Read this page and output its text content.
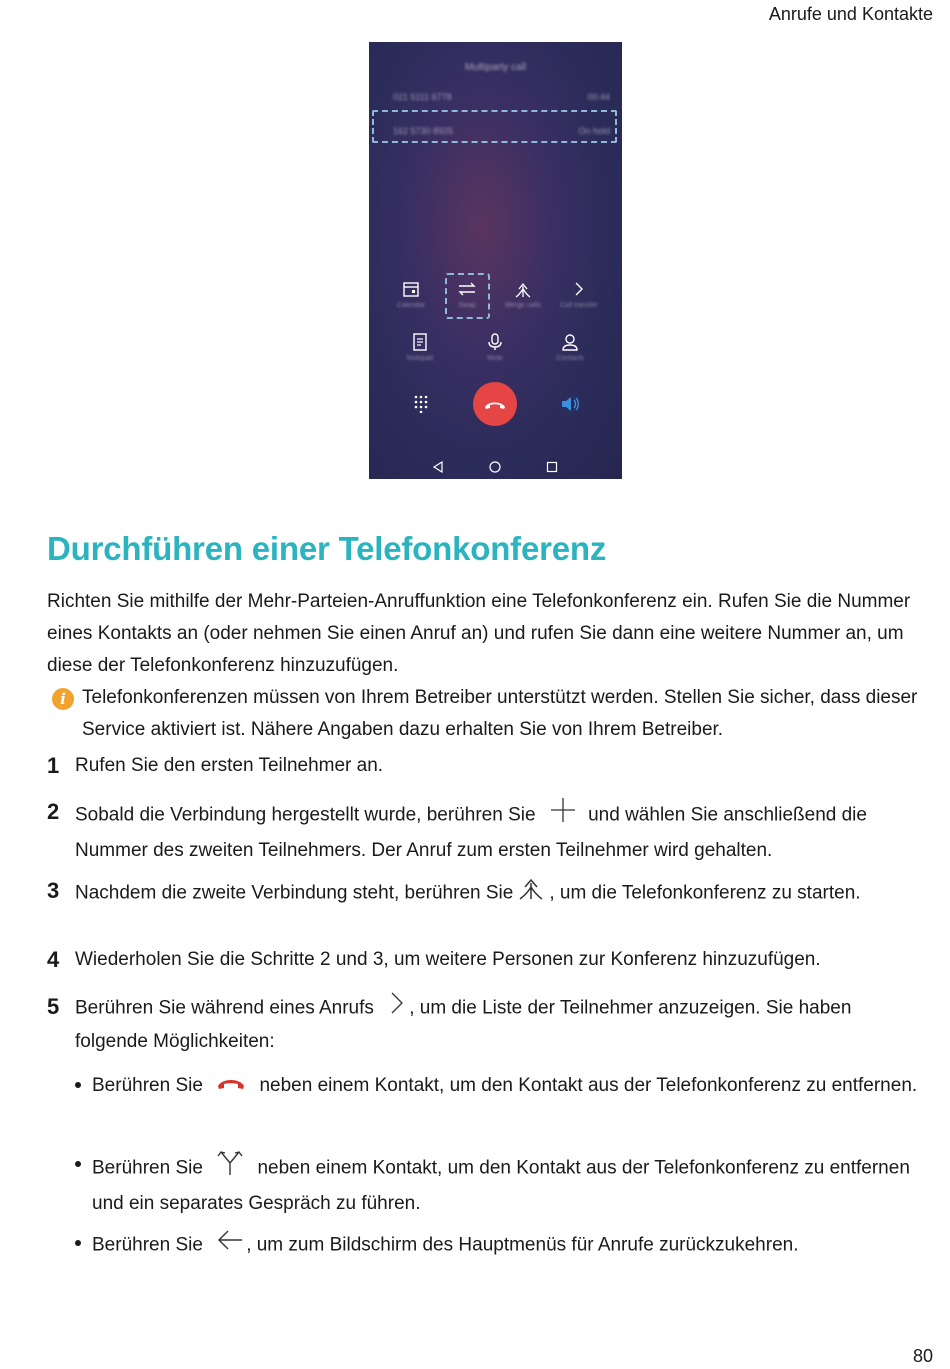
Anrufe und Kontakte
Multiparty call
021 5111 6778	00:44
162 5730 8925	On hold
Calendar	Swap	Merge calls	Call transfer
Notepad	Mute	Contacts
Durchführen einer Telefonkonferenz

Richten Sie mithilfe der Mehr-Parteien-Anruffunktion eine Telefonkonferenz ein. Rufen Sie die Nummer eines Kontakts an (oder nehmen Sie einen Anruf an) und rufen Sie dann eine weitere Nummer an, um diese der Telefonkonferenz hinzuzufügen.

i Telefonkonferenzen müssen von Ihrem Betreiber unterstützt werden. Stellen Sie sicher, dass dieser Service aktiviert ist. Nähere Angaben dazu erhalten Sie von Ihrem Betreiber.
1 Rufen Sie den ersten Teilnehmer an.
2 Sobald die Verbindung hergestellt wurde, berühren Sie  und wählen Sie anschließend die Nummer des zweiten Teilnehmers. Der Anruf zum ersten Teilnehmer wird gehalten.
3 Nachdem die zweite Verbindung steht, berühren Sie , um die Telefonkonferenz zu starten.
4 Wiederholen Sie die Schritte 2 und 3, um weitere Personen zur Konferenz hinzuzufügen.
5 Berühren Sie während eines Anrufs , um die Liste der Teilnehmer anzuzeigen. Sie haben folgende Möglichkeiten:
Berühren Sie	neben einem Kontakt, um den Kontakt aus der Telefonkonferenz zu entfernen.
Berühren Sie	neben einem Kontakt, um den Kontakt aus der Telefonkonferenz zu entfernen und ein separates Gespräch zu führen.
Berühren Sie , um zum Bildschirm des Hauptmenüs für Anrufe zurückzukehren.
80
